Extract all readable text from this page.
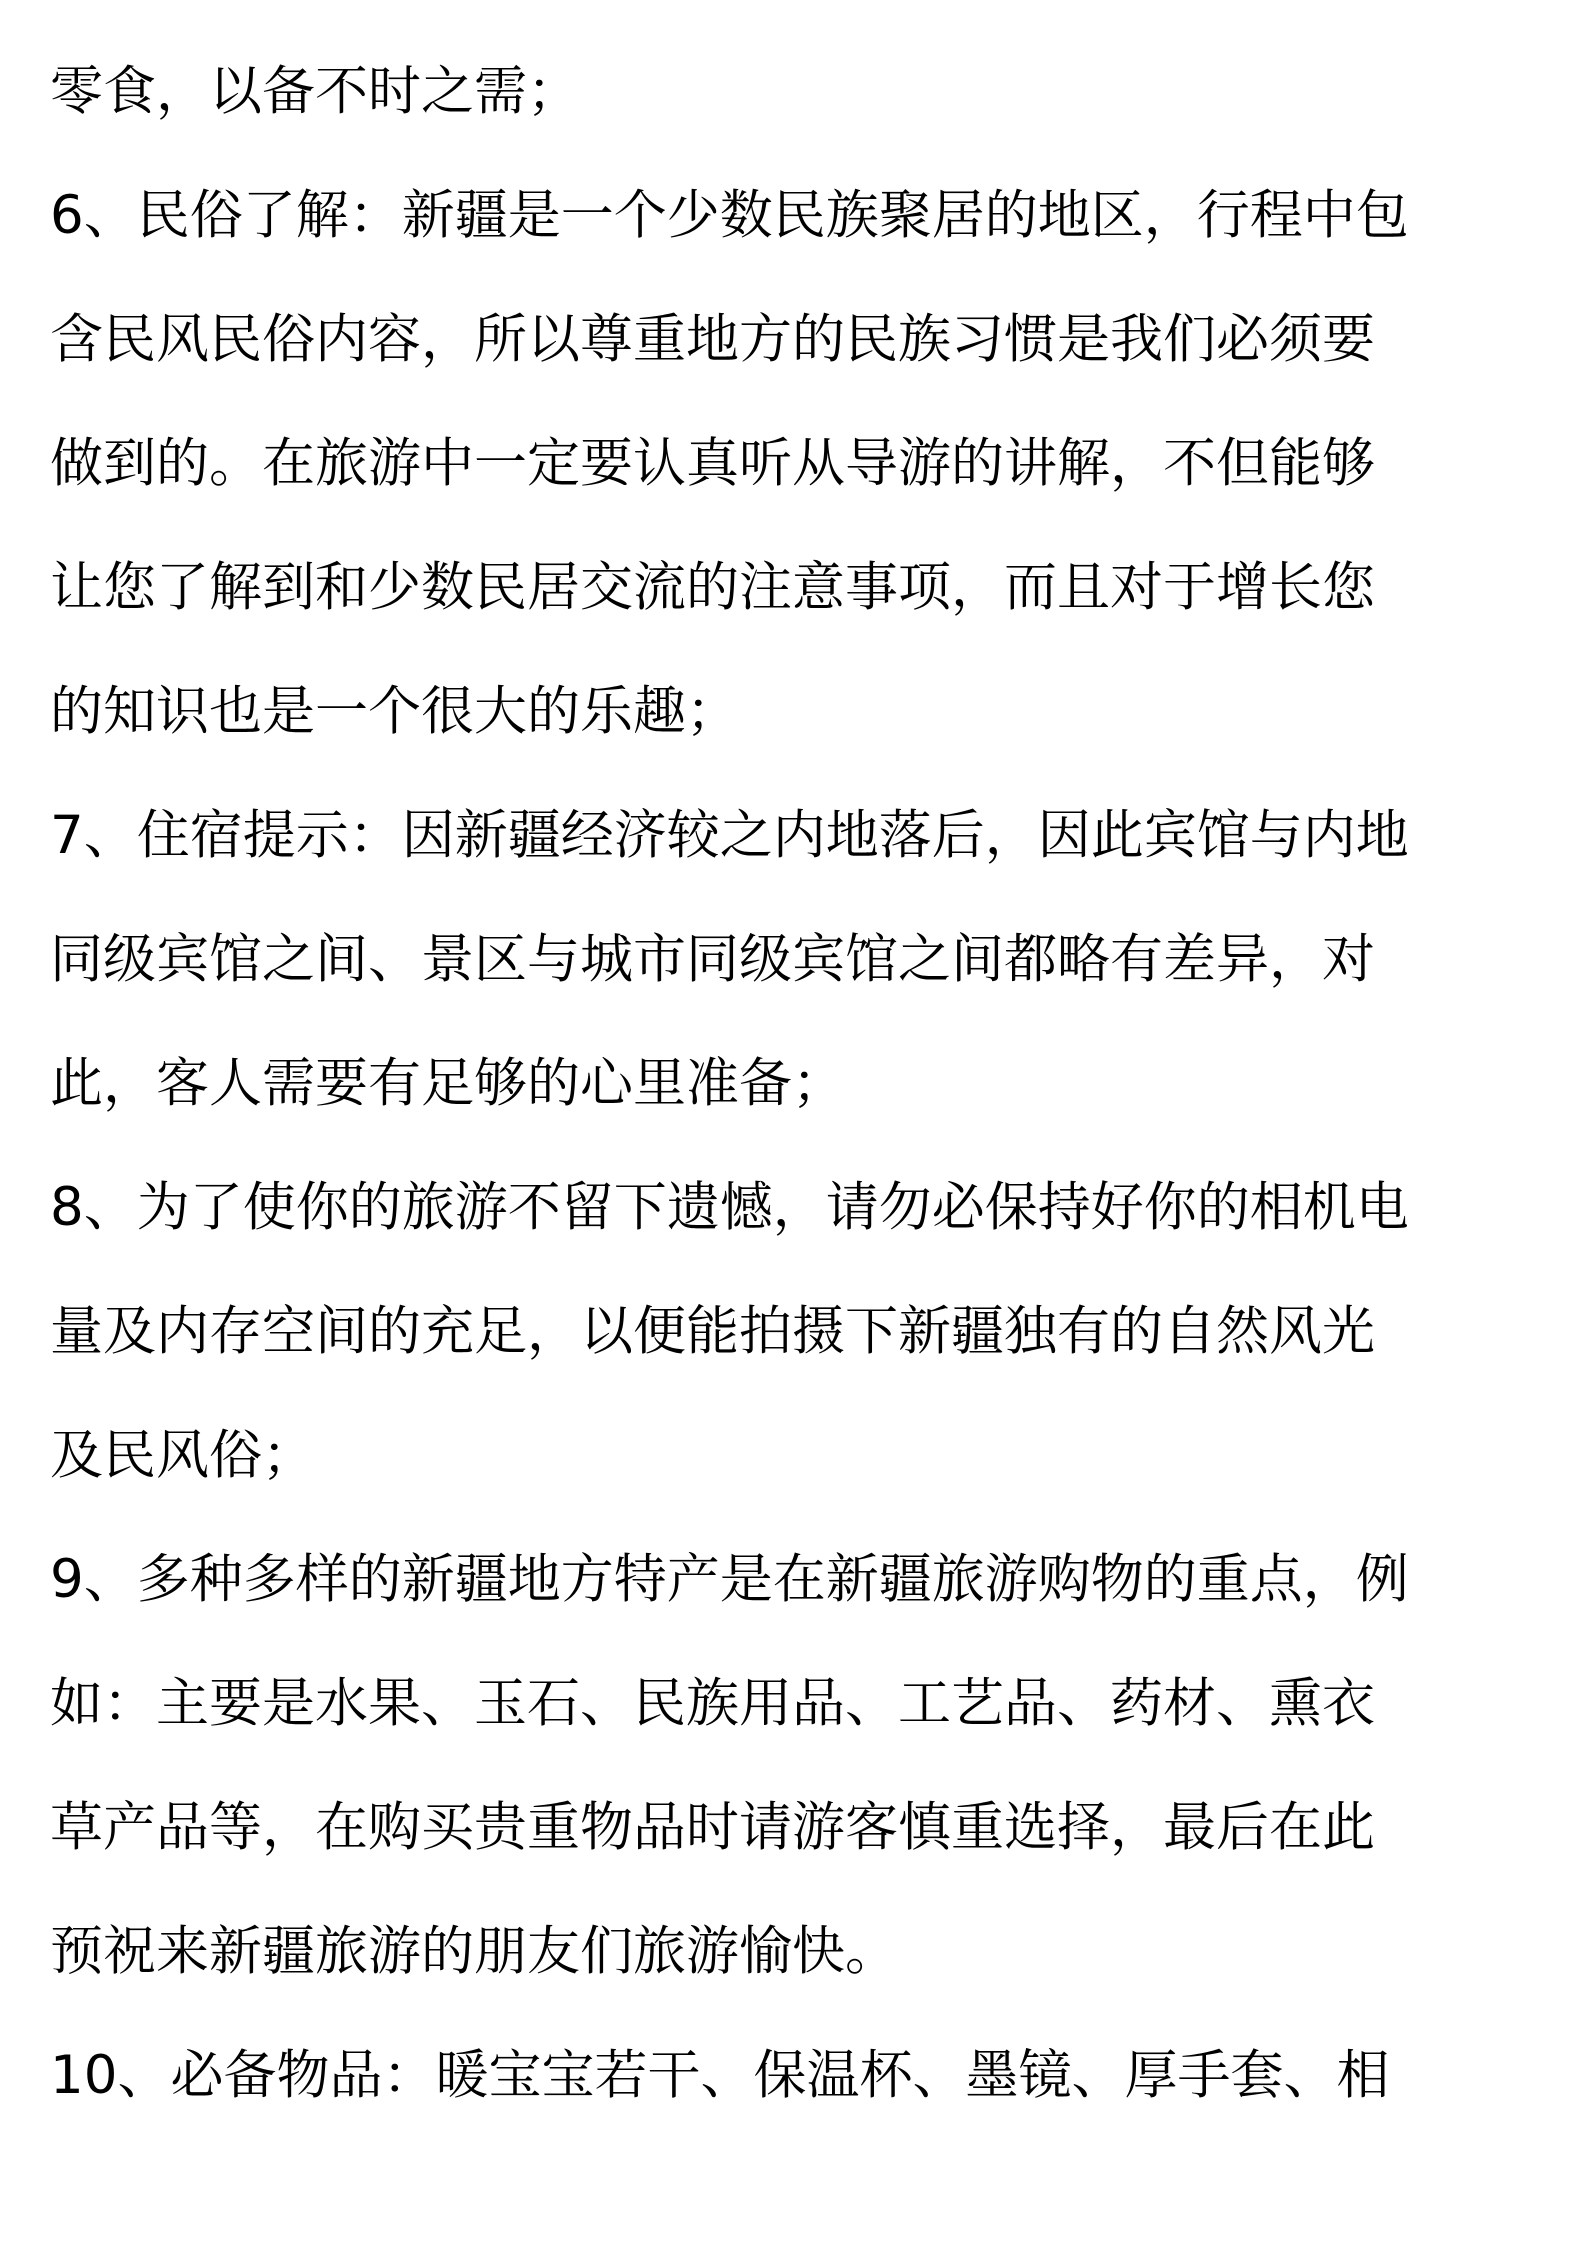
零食，以备不时之需；
6、民俗了解：新疆是一个少数民族聚居的地区，行程中包
含民风民俗内容，所以尊重地方的民族习惯是我们必须要
做到的。在旅游中一定要认真听从导游的讲解，不但能够
让您了解到和少数民居交流的注意事项，而且对于增长您
的知识也是一个很大的乐趣；
7、住宿提示：因新疆经济较之内地落后，因此宾馆与内地
同级宾馆之间、景区与城市同级宾馆之间都略有差异，对
此，客人需要有足够的心里准备；
8、为了使你的旅游不留下遗憾，请勿必保持好你的相机电
量及内存空间的充足，以便能拍摄下新疆独有的自然风光
及民风俗；
9、多种多样的新疆地方特产是在新疆旅游购物的重点，例
如：主要是水果、玉石、民族用品、工艺品、药材、熏衣
草产品等，在购买贵重物品时请游客慎重选择，最后在此
预祝来新疆旅游的朋友们旅游愉快。
10、必备物品：暖宝宝若干、保温杯、墨镜、厚手套、相
